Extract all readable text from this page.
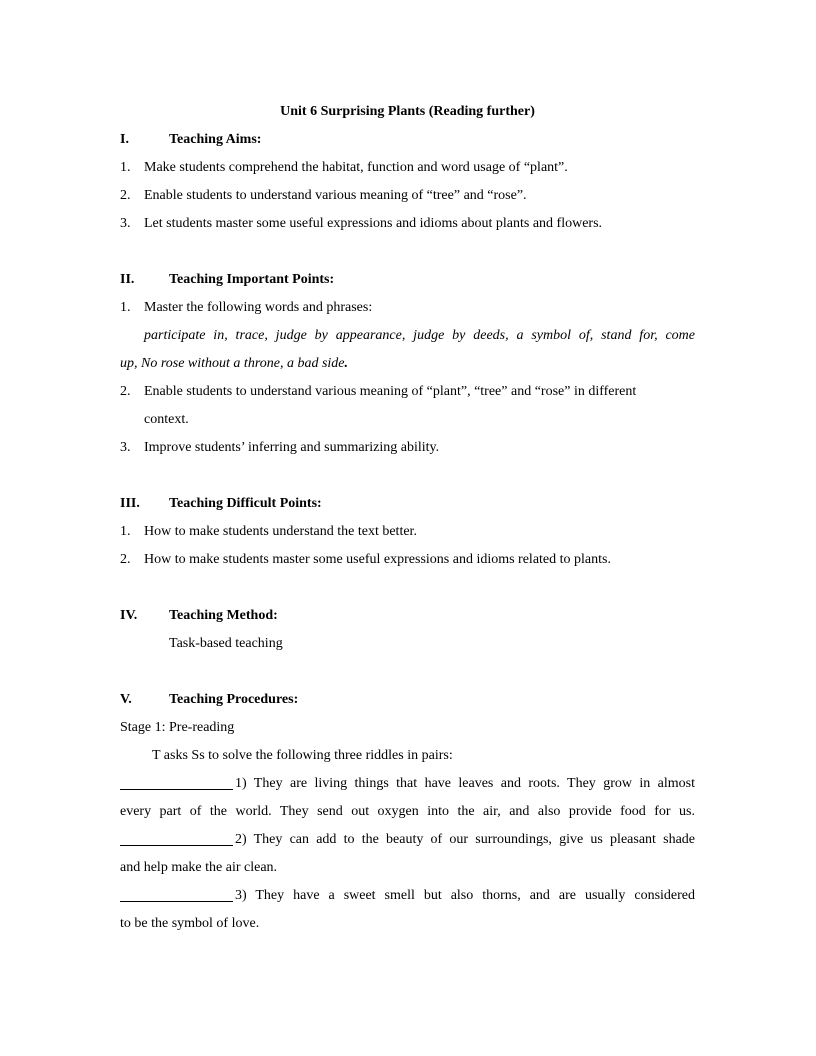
Unit 6 Surprising Plants (Reading further)
I.	Teaching Aims:
1. Make students comprehend the habitat, function and word usage of “plant”.
2. Enable students to understand various meaning of “tree” and “rose”.
3. Let students master some useful expressions and idioms about plants and flowers.
II. Teaching Important Points:
1. Master the following words and phrases:
participate in, trace, judge by appearance, judge by deeds, a symbol of, stand for, come
up, No rose without a throne, a bad side.
2. Enable students to understand various meaning of “plant”, “tree” and “rose” in different
context.
3. Improve students’ inferring and summarizing ability.
III. Teaching Difficult Points:
1. How to make students understand the text better.
2. How to make students master some useful expressions and idioms related to plants.
IV. Teaching Method:
Task-based teaching
V.	Teaching Procedures:
Stage 1: Pre-reading
T asks Ss to solve the following three riddles in pairs:
1) They are living things that have leaves and roots. They grow in almost
every part of the world. They send out oxygen into the air, and also provide food for us.
2) They can add to the beauty of our surroundings, give us pleasant shade
and help make the air clean.
3) They have a sweet smell but also thorns, and are usually considered
to be the symbol of love.
